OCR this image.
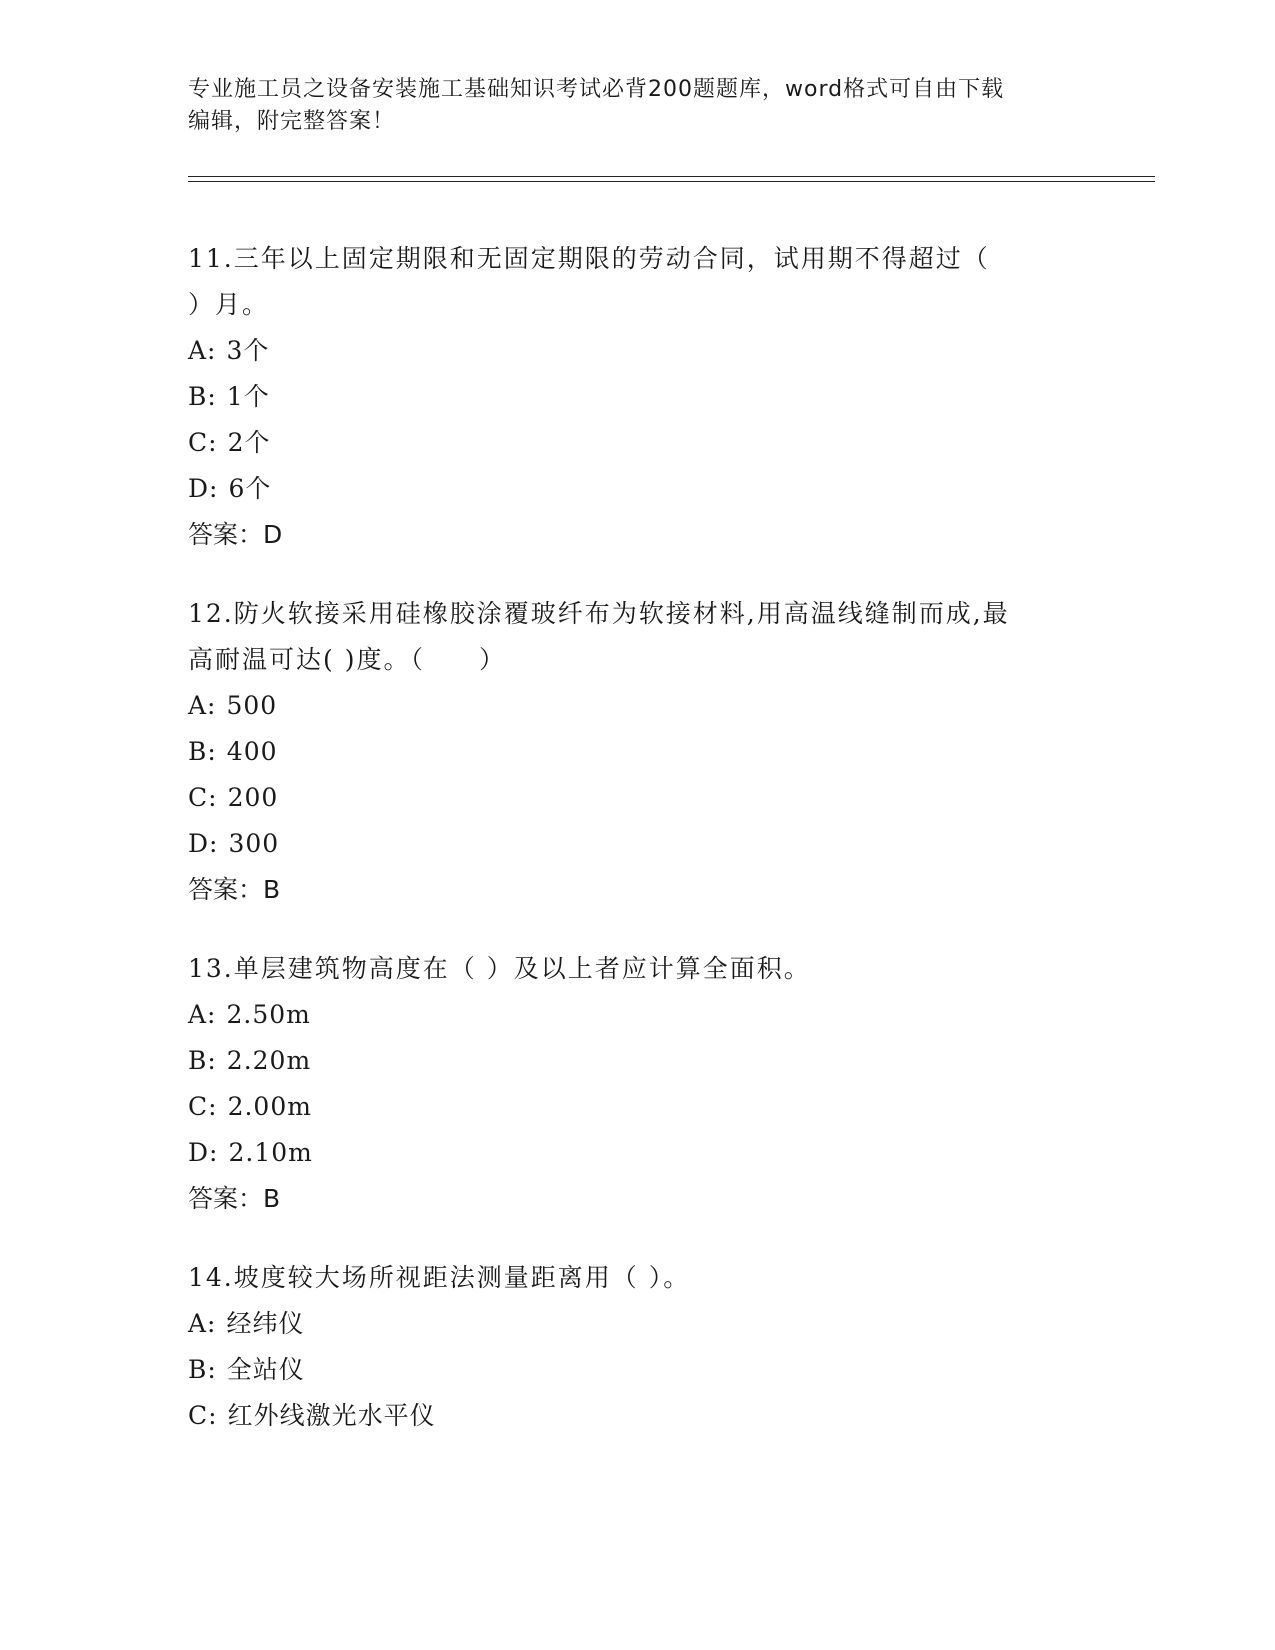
专业施工员之设备安装施工基础知识考试必背200题题库，word格式可自由下载
编辑，附完整答案！

11.三年以上固定期限和无固定期限的劳动合同，试用期不得超过（

）月。

A: 3个

B: 1个

C: 2个

D: 6个

答案：D

12.防火软接采用硅橡胶涂覆玻纤布为软接材料,用高温线缝制而成,最

高耐温可达( )度。（　　）

A: 500

B: 400

C: 200

D: 300

答案：B

13.单层建筑物高度在（ ）及以上者应计算全面积。

A: 2.50m

B: 2.20m

C: 2.00m

D: 2.10m

答案：B

14.坡度较大场所视距法测量距离用（ ）。

A: 经纬仪

B: 全站仪

C: 红外线激光水平仪
